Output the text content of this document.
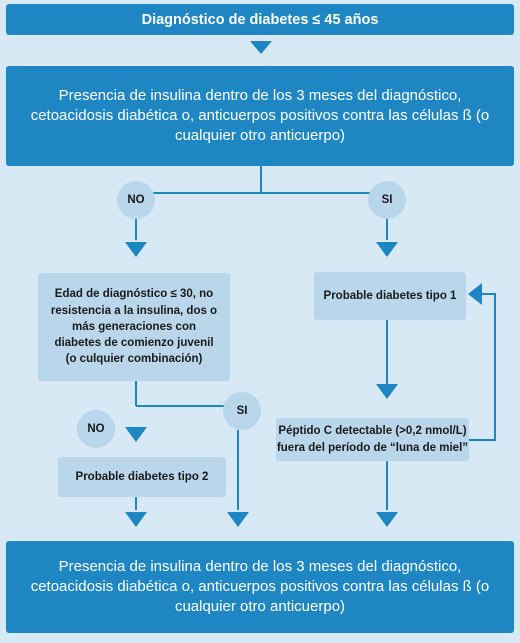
Diagnóstico de diabetes ≤ 45 años
Presencia de insulina dentro de los 3 meses del diagnóstico, cetoacidosis diabética o, anticuerpos positivos contra las células ß (o cualquier otro anticuerpo)
NO	SI
Edad de diagnóstico ≤ 30, no resistencia a la insulina, dos o más generaciones con diabetes de comienzo juvenil (o culquier combinación)
Probable diabetes tipo 1
NO
SI
Probable diabetes tipo 2
Péptido C detectable (>0,2 nmol/L) fuera del período de “luna de miel”
Presencia de insulina dentro de los 3 meses del diagnóstico, cetoacidosis diabética o, anticuerpos positivos contra las células ß (o cualquier otro anticuerpo)
